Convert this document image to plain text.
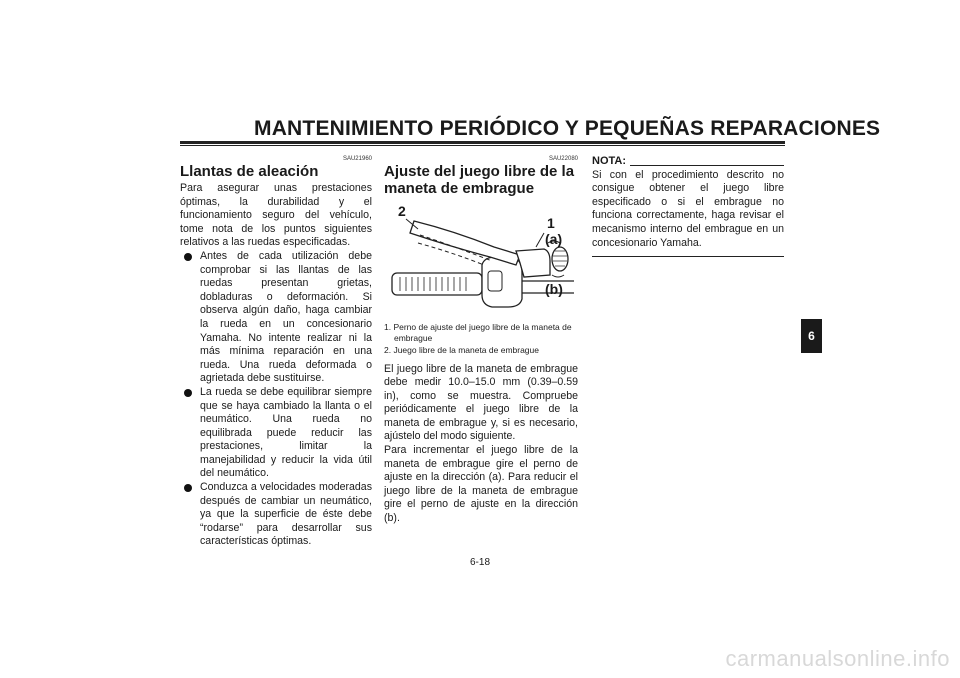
MANTENIMIENTO PERIÓDICO Y PEQUEÑAS REPARACIONES
SAU21960
Llantas de aleación

Para asegurar unas prestaciones óptimas, la durabilidad y el funcionamiento seguro del vehículo, tome nota de los puntos siguientes relativos a las ruedas especificadas.

Antes de cada utilización debe comprobar si las llantas de las ruedas presentan grietas, dobladuras o deformación. Si observa algún daño, haga cambiar la rueda en un concesionario Yamaha. No intente realizar ni la más mínima reparación en una rueda. Una rueda deformada o agrietada debe sustituirse.
La rueda se debe equilibrar siempre que se haya cambiado la llanta o el neumático. Una rueda no equilibrada puede reducir las prestaciones, limitar la manejabilidad y reducir la vida útil del neumático.
Conduzca a velocidades moderadas después de cambiar un neumático, ya que la superficie de éste debe “rodarse” para desarrollar sus características óptimas.
SAU22080
Ajuste del juego libre de la maneta de embrague
2
1
(a)
(b)
1. Perno de ajuste del juego libre de la maneta de embrague
2. Juego libre de la maneta de embrague

El juego libre de la maneta de embrague debe medir 10.0–15.0 mm (0.39–0.59 in), como se muestra. Compruebe periódicamente el juego libre de la maneta de embrague y, si es necesario, ajústelo del modo siguiente.

Para incrementar el juego libre de la maneta de embrague gire el perno de ajuste en la dirección (a). Para reducir el juego libre de la maneta de embrague gire el perno de ajuste en la dirección (b).

NOTA:

Si con el procedimiento descrito no consigue obtener el juego libre especificado o si el embrague no funciona correctamente, haga revisar el mecanismo interno del embrague en un concesionario Yamaha.

6
6-18
carmanualsonline.info
